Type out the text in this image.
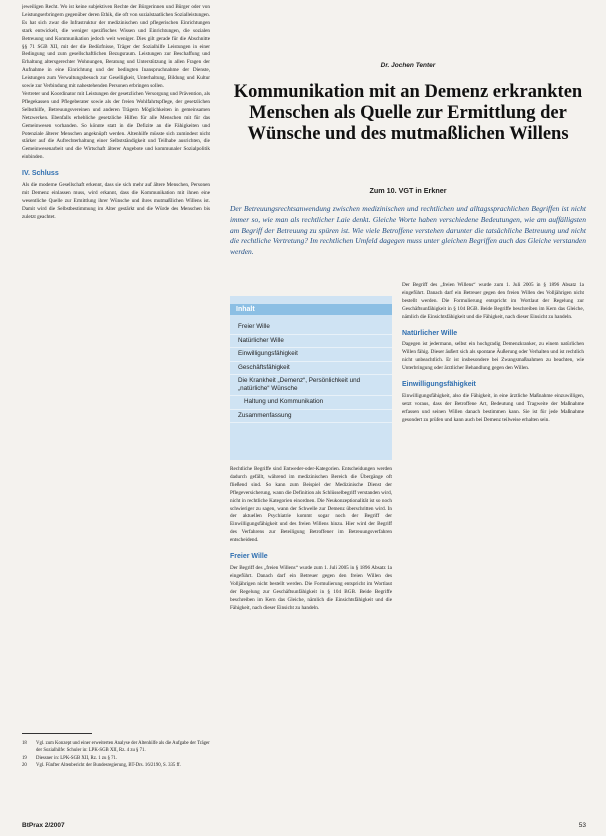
jeweiligen Recht. Wo ist keine subjektiven Rechte der Bürgerinnen und Bürger oder von Leistungserbringern gegenüber deren Ethik, die oft von sozialstaatlichen Sozialleistungen. Es hat sich zwar die Infrastruktur der medizinischen und pflegerischen Einrichtungen stark entwickelt, die weniger spezifisches Wissen und Einrichtungen, die sozialen Betreuung und Kommunikation jedoch weit weniger. Dies gilt gerade für die Abschnitte §§ 71 SGB XII, mit der die Bedürfnisse, Träger der Sozialhilfe Leistungen in einer Bedingung und zum gesellschaftlichen Bezugsraum. Leistungen zur Beschaffung und Erhaltung altersgerechter Wohnungen, Beratung und Unterstützung in allen Fragen der Aufnahme in eine Einrichtung und der bedingten Inanspruchnahme der Dienste, Leistungen zum Verwaltungsbesuch zur Geselligkeit, Unterhaltung, Bildung und Kultur sowie zur Verbindung mit nahestehenden Personen erbringen sollen.

Vertreter und Koordinator mit Leistungen der gesetzlichen Versorgung und Prävention, als Pflegekassen und Pflegeberater sowie als der freien Wohlfahrtspflege, der gesetzlichen Selbsthilfe, Betreuungsvereinen und anderen Trägern Möglichkeiten in gemeinsamen Netzwerken. Ebenfalls erhebliche gesetzliche Hilfen für alle Menschen mit für das Gemeinwesen vorhanden. So könnte statt in die Defizite an die Fähigkeiten und Potenziale älterer Menschen angeknüpft werden. Altenhilfe müsste sich zumindest nicht stärker auf die Aufrechterhaltung einer Selbstständigkeit und Teilhabe ausrichten, die Gemeinwesenarbeit und die Wirtschaft älterer Angebote und kommunaler Sozialpolitik einbinden.

IV. Schluss

Als die moderne Gesellschaft erkennt, dass sie sich mehr auf ältere Menschen, Personen mit Demenz einlassen muss, wird erkannt, dass die Kommunikation mit ihnen eine wesentliche Quelle zur Ermittlung ihrer Wünsche und ihres mutmaßlichen Willens ist. Damit wird die Selbstbestimmung im Alter gestärkt und die Würde des Menschen bis zuletzt geachtet.

18	Vgl. zum Konzept und einer erweiterten Analyse der Altenhilfe als die Aufgabe der Träger der Sozialhilfe: Schuler in: LPK-SGB XII, Rz. 4 zu § 71.
19	Diessner in: LPK-SGB XII, Rz. 1 zu § 71.
20	Vgl. Fünfter Altenbericht der Bundesregierung, BT-Drs. 16/2190, S. 335 ff.
Dr. Jochen Tenter
Kommunikation mit an Demenz erkrankten Menschen als Quelle zur Ermittlung der Wünsche und des mutmaßlichen Willens
Zum 10. VGT in Erkner
Der Betreuungsrechtsanwendung zwischen medizinischen und rechtlichen und alltagssprachlichen Begriffen ist nicht immer so, wie man als rechtlicher Laie denkt. Gleiche Worte haben verschiedene Bedeutungen, wie am auffälligsten am Begriff der Betreuung zu spüren ist. Wie viele Betroffene verstehen darunter die tatsächliche Betreuung und nicht die rechtliche Vertretung? Im rechtlichen Umfeld dagegen muss unter gleichen Begriffen auch das Gleiche verstanden werden.
Inhalt
Freier Wille
Natürlicher Wille
Einwilligungsfähigkeit
Geschäftsfähigkeit
Die Krankheit „Demenz“, Persönlichkeit und „natürliche“ Wünsche
Haltung und Kommunikation
Zusammenfassung

Rechtliche Begriffe sind Entweder-oder-Kategorien. Entscheidungen werden dadurch gefällt, während im medizinischen Bereich die Übergänge oft fließend sind. So kann zum Beispiel der Medizinische Dienst der Pflegeversicherung, wann die Definition als Schlüsselbegriff verstanden wird, nicht in rechtliche Kategorien einordnen. Die Neukonzeptionalität ist so noch schwieriger zu sagen, wann der Schwelle zur Demenz überschritten wird. In der aktuellen Psychiatrie kommt sogar noch der Begriff der Einwilligungsfähigkeit und des freien Willens hinzu. Hier wird der Begriff des Verfahrens zur Beteiligung Betroffener im Betreuungsverfahren entscheidend.

Freier Wille

Der Begriff des „freien Willens“ wurde zum 1. Juli 2005 in § 1896 Absatz 1a eingeführt. Danach darf ein Betreuer gegen den freien Willen des Volljährigen nicht bestellt werden. Die Formulierung entspricht im Wortlaut der Regelung zur Geschäftsunfähigkeit in § 104 BGB. Beide Begriffe beschreiben im Kern das Gleiche, nämlich die Einsichtsfähigkeit und die Fähigkeit, nach dieser Einsicht zu handeln.

Der Begriff des „freien Willens“ wurde zum 1. Juli 2005 in § 1896 Absatz 1a eingeführt. Danach darf ein Betreuer gegen den freien Willen des Volljährigen nicht bestellt werden. Die Formulierung entspricht im Wortlaut der Regelung zur Geschäftsunfähigkeit in § 104 BGB. Beide Begriffe beschreiben im Kern das Gleiche, nämlich die Einsichtsfähigkeit und die Fähigkeit, nach dieser Einsicht zu handeln.

Natürlicher Wille

Dagegen ist jedermann, selbst ein hochgradig Demenzkranker, zu einem natürlichen Willen fähig. Dieser äußert sich als spontane Äußerung oder Verhalten und ist rechtlich nicht unbeachtlich. Er ist insbesondere bei Zwangsmaßnahmen zu beachten, wie Unterbringung oder ärztlicher Behandlung gegen den Willen.

Einwilligungsfähigkeit

Einwilligungsfähigkeit, also die Fähigkeit, in eine ärztliche Maßnahme einzuwilligen, setzt voraus, dass der Betroffene Art, Bedeutung und Tragweite der Maßnahme erfassen und seinen Willen danach bestimmen kann. Sie ist für jede Maßnahme gesondert zu prüfen und kann auch bei Demenz teilweise erhalten sein.

BtPrax 2/2007	53
